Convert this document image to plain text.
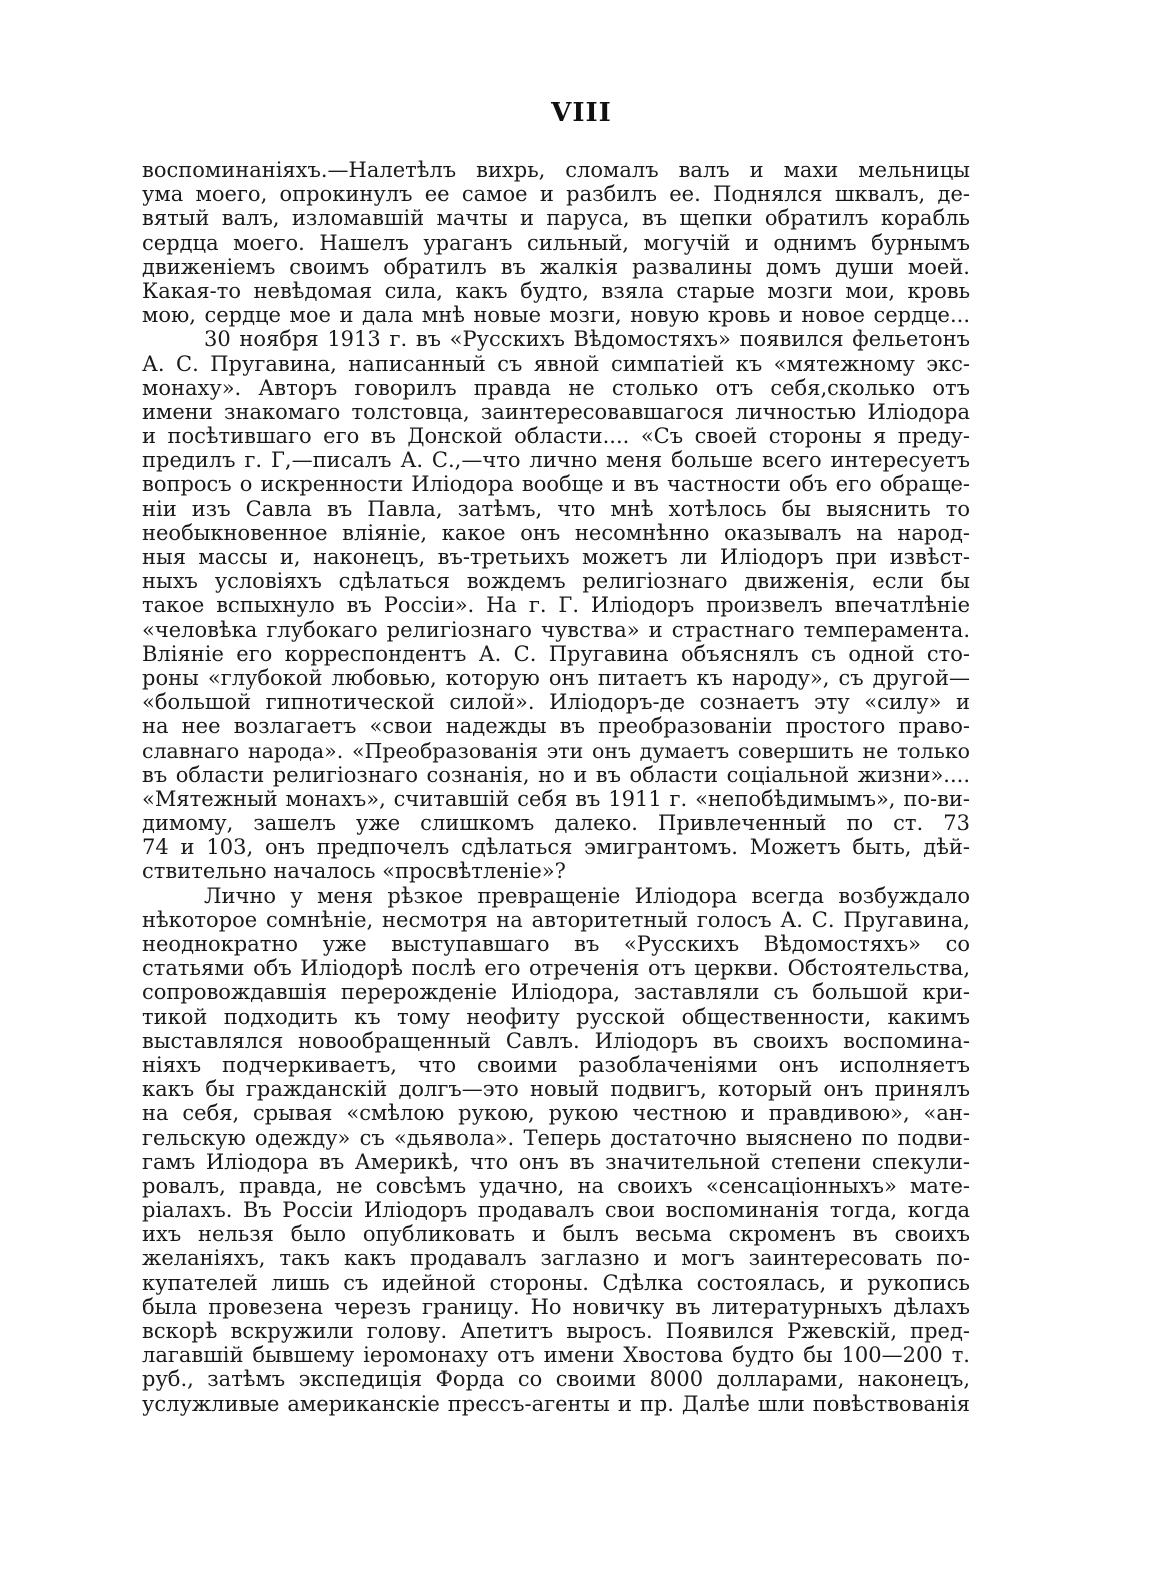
VIII
воспоминанiяхъ.—Налетѣлъ вихрь, сломалъ валъ и махи мельницы
ума моего, опрокинулъ ее самое и разбилъ ее. Поднялся шквалъ, де-
вятый валъ, изломавшiй мачты и паруса, въ щепки обратилъ корабль
сердца моего. Нашелъ ураганъ сильный, могучiй и однимъ бурнымъ
движенiемъ своимъ обратилъ въ жалкiя развалины домъ души моей.
Какая-то невѣдомая сила, какъ будто, взяла старые мозги мои, кровь
мою, сердце мое и дала мнѣ новые мозги, новую кровь и новое сердце...
30 ноября 1913 г. въ «Русскихъ Вѣдомостяхъ» появился фельетонъ
А. С. Пругавина, написанный съ явной симпатiей къ «мятежному экс-
монаху». Авторъ говорилъ правда не столько отъ себя,сколько отъ
имени знакомаго толстовца, заинтересовавшагося личностью Илiодора
и посѣтившаго его въ Донской области.... «Съ своей стороны я преду-
предилъ г. Г,—писалъ А. С.,—что лично меня больше всего интересуетъ
вопросъ о искренности Илiодора вообще и въ частности объ его обраще-
нiи изъ Савла въ Павла, затѣмъ, что мнѣ хотѣлось бы выяснить то
необыкновенное влiянiе, какое онъ несомнѣнно оказывалъ на народ-
ныя массы и, наконецъ, въ-третьихъ можетъ ли Илiодоръ при извѣст-
ныхъ условiяхъ сдѣлаться вождемъ религiознаго движенiя, если бы
такое вспыхнуло въ Россiи». На г. Г. Илiодоръ произвелъ впечатлѣнiе
«человѣка глубокаго религiознаго чувства» и страстнаго темперамента.
Влiянiе его корреспондентъ А. С. Пругавина объяснялъ съ одной сто-
роны «глубокой любовью, которую онъ питаетъ къ народу», съ другой—
«большой гипнотической силой». Илiодоръ-де сознаетъ эту «силу» и
на нее возлагаетъ «свои надежды въ преобразованiи простого право-
славнаго народа». «Преобразованiя эти онъ думаетъ совершить не только
въ области религiознаго сознанiя, но и въ области соцiальной жизни»....
«Мятежный монахъ», считавшiй себя въ 1911 г. «непобѣдимымъ», по-ви-
димому, зашелъ уже слишкомъ далеко. Привлеченный по ст. 73
74 и 103, онъ предпочелъ сдѣлаться эмигрантомъ. Можетъ быть, дѣй-
ствительно началось «просвѣтленiе»?
Лично у меня рѣзкое превращенiе Илiодора всегда возбуждало
нѣкоторое сомнѣнiе, несмотря на авторитетный голосъ А. С. Пругавина,
неоднократно уже выступавшаго въ «Русскихъ Вѣдомостяхъ» со
статьями объ Илiодорѣ послѣ его отреченiя отъ церкви. Обстоятельства,
сопровождавшiя перерожденiе Илiодора, заставляли съ большой кри-
тикой подходить къ тому неофиту русской общественности, какимъ
выставлялся новообращенный Савлъ. Илiодоръ въ своихъ воспомина-
нiяхъ подчеркиваетъ, что своими разоблаченiями онъ исполняетъ
какъ бы гражданскiй долгъ—это новый подвигъ, который онъ принялъ
на себя, срывая «смѣлою рукою, рукою честною и правдивою», «ан-
гельскую одежду» съ «дьявола». Теперь достаточно выяснено по подви-
гамъ Илiодора въ Америкѣ, что онъ въ значительной степени спекули-
ровалъ, правда, не совсѣмъ удачно, на своихъ «сенсацiонныхъ» мате-
рiалахъ. Въ Россiи Илiодоръ продавалъ свои воспоминанiя тогда, когда
ихъ нельзя было опубликовать и былъ весьма скроменъ въ своихъ
желанiяхъ, такъ какъ продавалъ заглазно и могъ заинтересовать по-
купателей лишь съ идейной стороны. Сдѣлка состоялась, и рукопись
была провезена черезъ границу. Но новичку въ литературныхъ дѣлахъ
вскорѣ вскружили голову. Апетитъ выросъ. Появился Ржевскiй, пред-
лагавшiй бывшему iеромонаху отъ имени Хвостова будто бы 100—200 т.
руб., затѣмъ экспедицiя Форда со своими 8000 долларами, наконецъ,
услужливые американскiе прессъ-агенты и пр. Далѣе шли повѣствованiя
